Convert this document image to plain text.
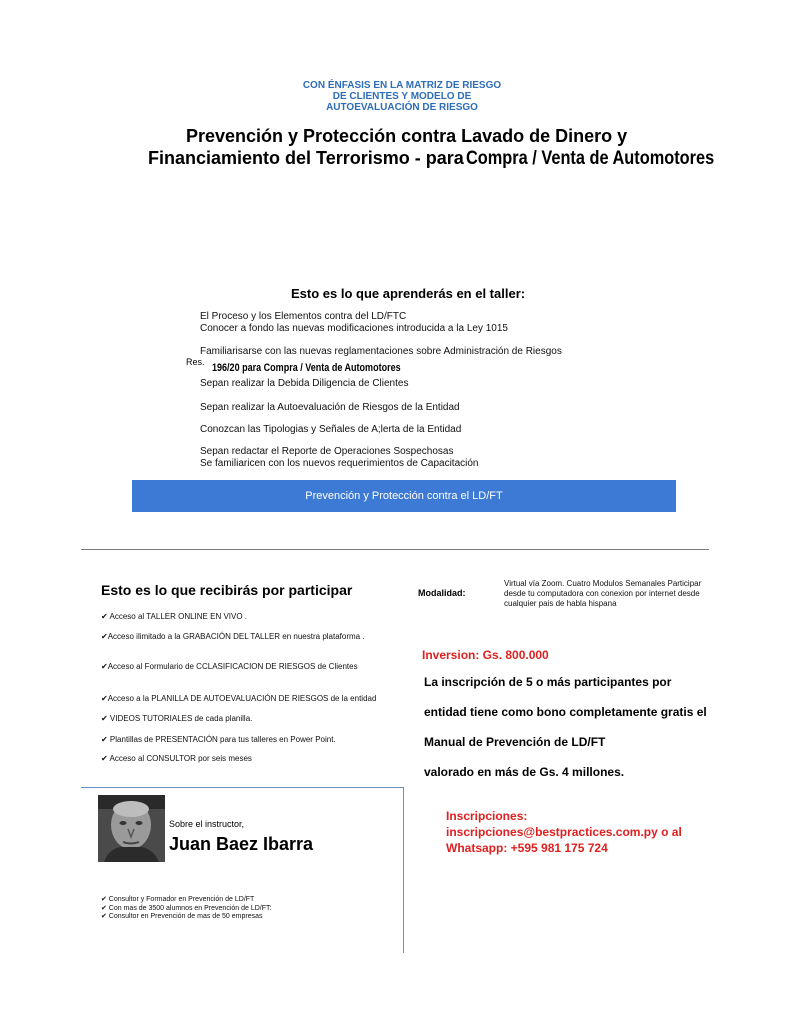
CON ÉNFASIS EN LA MATRIZ DE RIESGO
DE CLIENTES Y MODELO DE
AUTOEVALUACIÓN DE RIESGO
Prevención y Protección contra Lavado de Dinero y
Financiamiento del Terrorismo - para Compra / Venta de Automotores
Esto es lo que aprenderás en el taller:
El Proceso y los Elementos contra del LD/FTC
Conocer a fondo las nuevas modificaciones introducida a la Ley 1015
Familiarisarse con las nuevas reglamentaciones sobre Administración de Riesgos
Res. 196/20 para Compra / Venta de Automotores
Sepan realizar la Debida Diligencia de Clientes
Sepan realizar la Autoevaluación de Riesgos de la Entidad
Conozcan las Tipologias y Señales de A;lerta de la Entidad
Sepan redactar el Reporte de Operaciones Sospechosas
Se familiaricen con los nuevos requerimientos de Capacitación
Prevención y Protección contra el LD/FT
Esto es lo que recibirás por participar
✔ Acceso al TALLER ONLINE EN VIVO .
✔Acceso ilimitado a la GRABACIÓN DEL TALLER en nuestra plataforma .
✔Acceso al Formulario de CCLASIFICACION DE RIESGOS de Clientes
✔Acceso a la PLANILLA DE AUTOEVALUACIÓN DE RIESGOS de la entidad
✔ VIDEOS TUTORIALES de cada planilla.
✔ Plantillas de PRESENTACIÓN para tus talleres en Power Point.
✔ Acceso al CONSULTOR por seis meses
Modalidad:
Virtual vía Zoom. Cuatro Modulos Semanales Participar desde tu computadora con conexion por internet desde cualquier pais de habla hispana
Inversion: Gs. 800.000
La inscripción de 5 o más participantes por
entidad tiene como bono completamente gratis el
Manual de Prevención de LD/FT
valorado en más de Gs. 4 millones.
Sobre el instructor,
Juan Baez Ibarra
✔ Consultor y Formador en Prevención de LD/FT
✔ Con mas de 3500 alumnos en Prevención de LD/FT:
✔ Consultor en Prevención de mas de 50 empresas
Inscripciones:
inscripciones@bestpractices.com.py o al
Whatsapp: +595 981 175 724
